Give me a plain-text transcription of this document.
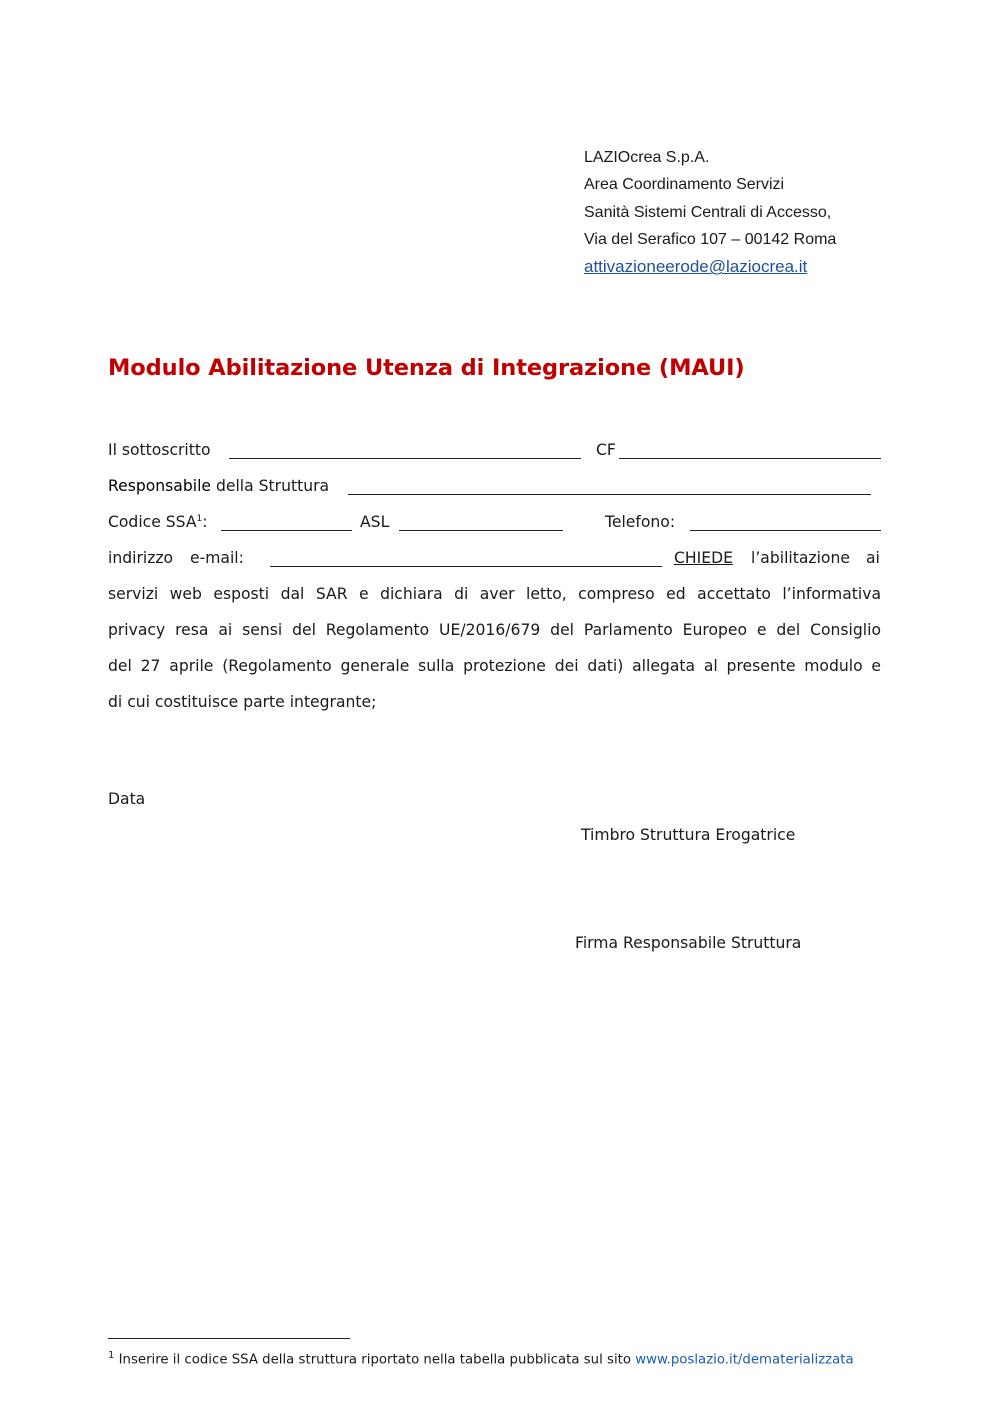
LAZIOcrea S.p.A.
Area Coordinamento Servizi
Sanità Sistemi Centrali di Accesso,
Via del Serafico 107 – 00142 Roma
attivazioneerode@laziocrea.it
Modulo Abilitazione Utenza di Integrazione (MAUI)
Il sottoscritto	CF
Responsabile della Struttura
Codice SSA$^1$:	ASL	Telefono:
indirizzo e-mail:	CHIEDE l’abilitazione ai
servizi web esposti dal SAR e dichiara di aver letto, compreso ed accettato l’informativa
privacy resa ai sensi del Regolamento UE/2016/679 del Parlamento Europeo e del Consiglio
del 27 aprile (Regolamento generale sulla protezione dei dati) allegata al presente modulo e
di cui costituisce parte integrante;
Data
Timbro Struttura Erogatrice
Firma Responsabile Struttura
$^1$ Inserire il codice SSA della struttura riportato nella tabella pubblicata sul sito www.poslazio.it/dematerializzata
